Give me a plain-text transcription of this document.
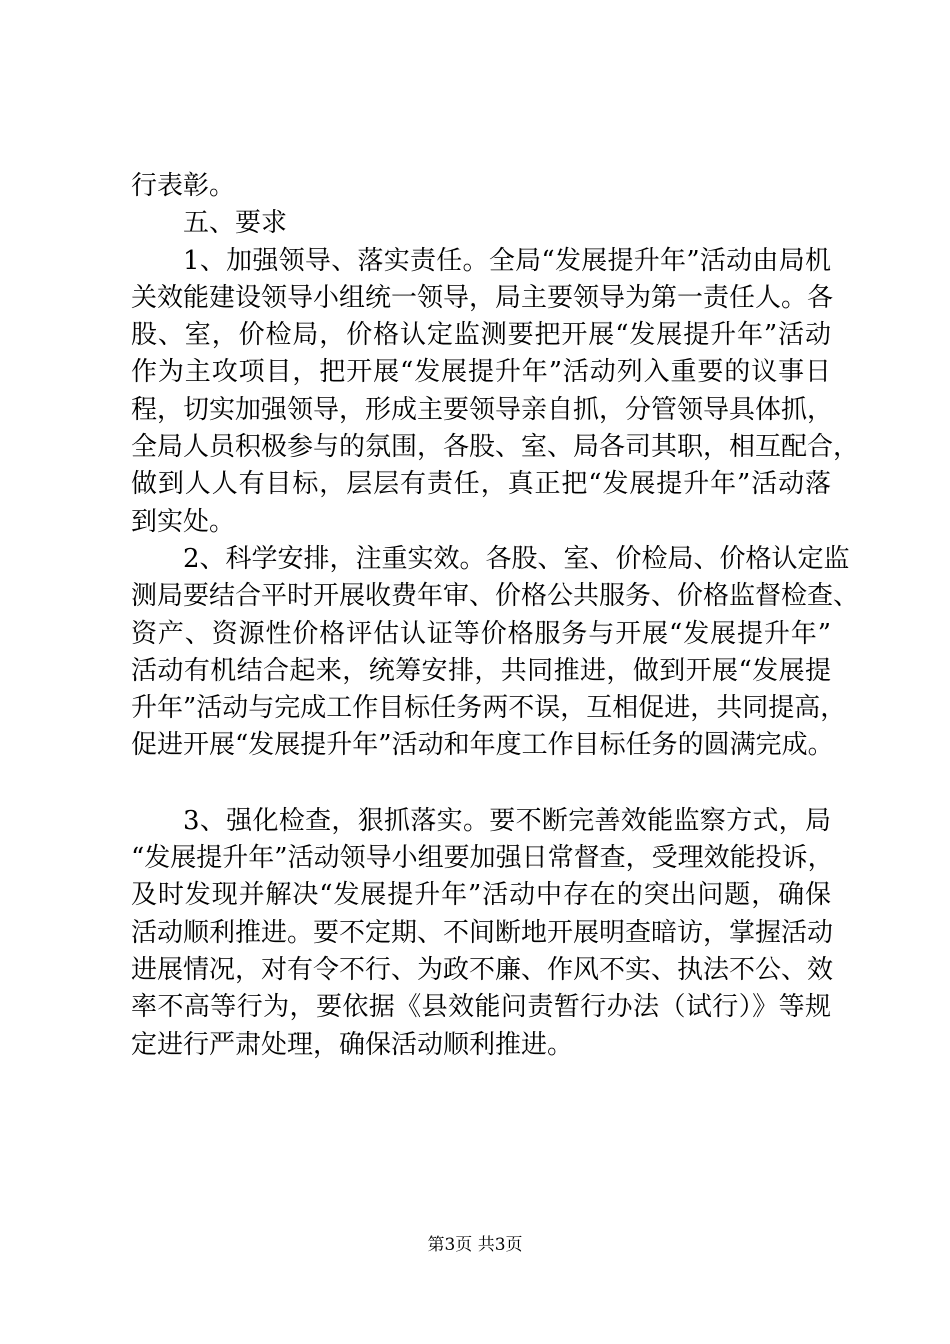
行表彰。
五、要求
1、加强领导、落实责任。全局“发展提升年”活动由局机
关效能建设领导小组统一领导，局主要领导为第一责任人。各
股、室，价检局，价格认定监测要把开展“发展提升年”活动
作为主攻项目，把开展“发展提升年”活动列入重要的议事日
程，切实加强领导，形成主要领导亲自抓，分管领导具体抓，
全局人员积极参与的氛围，各股、室、局各司其职，相互配合，
做到人人有目标，层层有责任，真正把“发展提升年”活动落
到实处。
2、科学安排，注重实效。各股、室、价检局、价格认定监
测局要结合平时开展收费年审、价格公共服务、价格监督检查、
资产、资源性价格评估认证等价格服务与开展“发展提升年”
活动有机结合起来，统筹安排，共同推进，做到开展“发展提
升年”活动与完成工作目标任务两不误，互相促进，共同提高，
促进开展“发展提升年”活动和年度工作目标任务的圆满完成。
3、强化检查，狠抓落实。要不断完善效能监察方式，局
“发展提升年”活动领导小组要加强日常督查，受理效能投诉，
及时发现并解决“发展提升年”活动中存在的突出问题，确保
活动顺利推进。要不定期、不间断地开展明查暗访，掌握活动
进展情况，对有令不行、为政不廉、作风不实、执法不公、效
率不高等行为，要依据《县效能问责暂行办法（试行）》等规
定进行严肃处理，确保活动顺利推进。
第3页 共3页
